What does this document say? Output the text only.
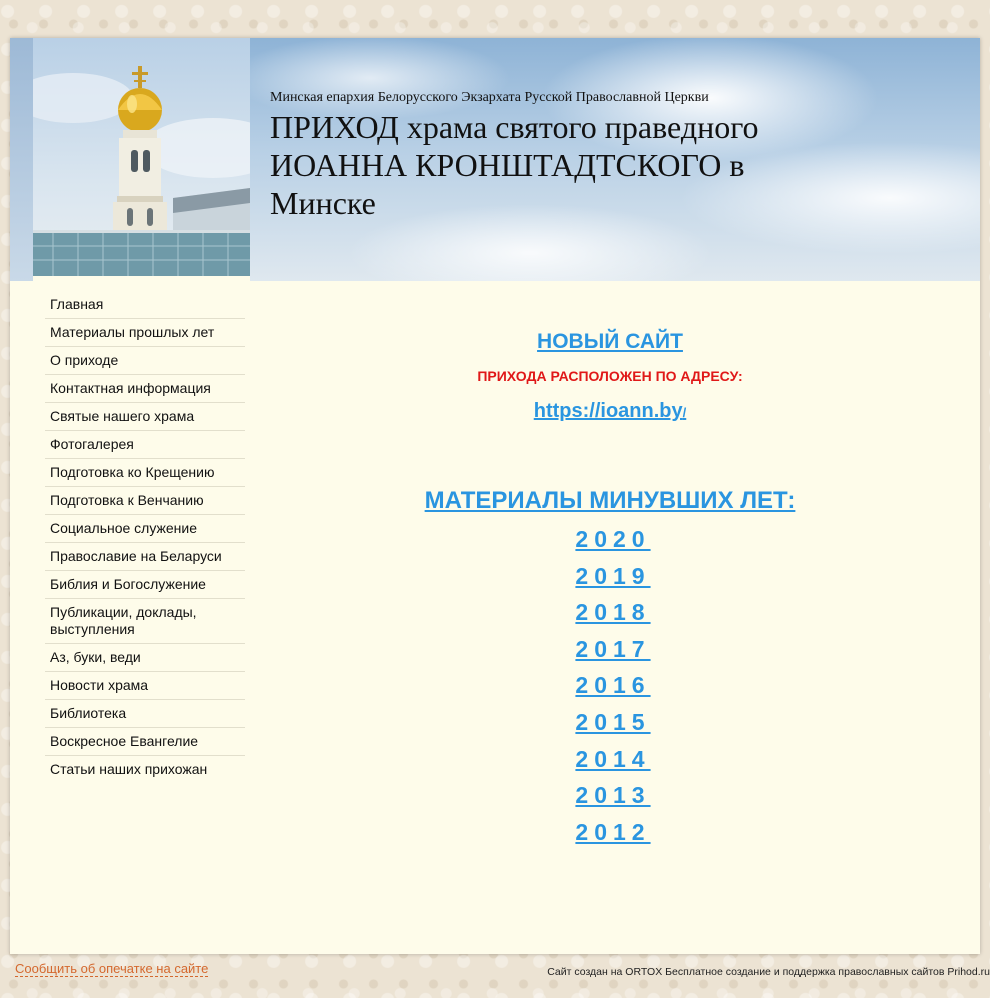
Минская епархия Белорусского Экзархата Русской Православной Церкви
ПРИХОД храма святого праведного ИОАННА КРОНШТАДТСКОГО в Минске
Главная
Материалы прошлых лет
О приходе
Контактная информация
Святые нашего храма
Фотогалерея
Подготовка ко Крещению
Подготовка к Венчанию
Социальное служение
Православие на Беларуси
Библия и Богослужение
Публикации, доклады, выступления
Аз, буки, веди
Новости храма
Библиотека
Воскресное Евангелие
Статьи наших прихожан
НОВЫЙ САЙТ
ПРИХОДА РАСПОЛОЖЕН ПО АДРЕСУ:
https://ioann.by/
МАТЕРИАЛЫ МИНУВШИХ ЛЕТ:
2020
2019
2018
2017
2016
2015
2014
2013
2012
Сообщить об опечатке на сайте	Сайт создан на ORTOX Бесплатное создание и поддержка православных сайтов Prihod.ru
